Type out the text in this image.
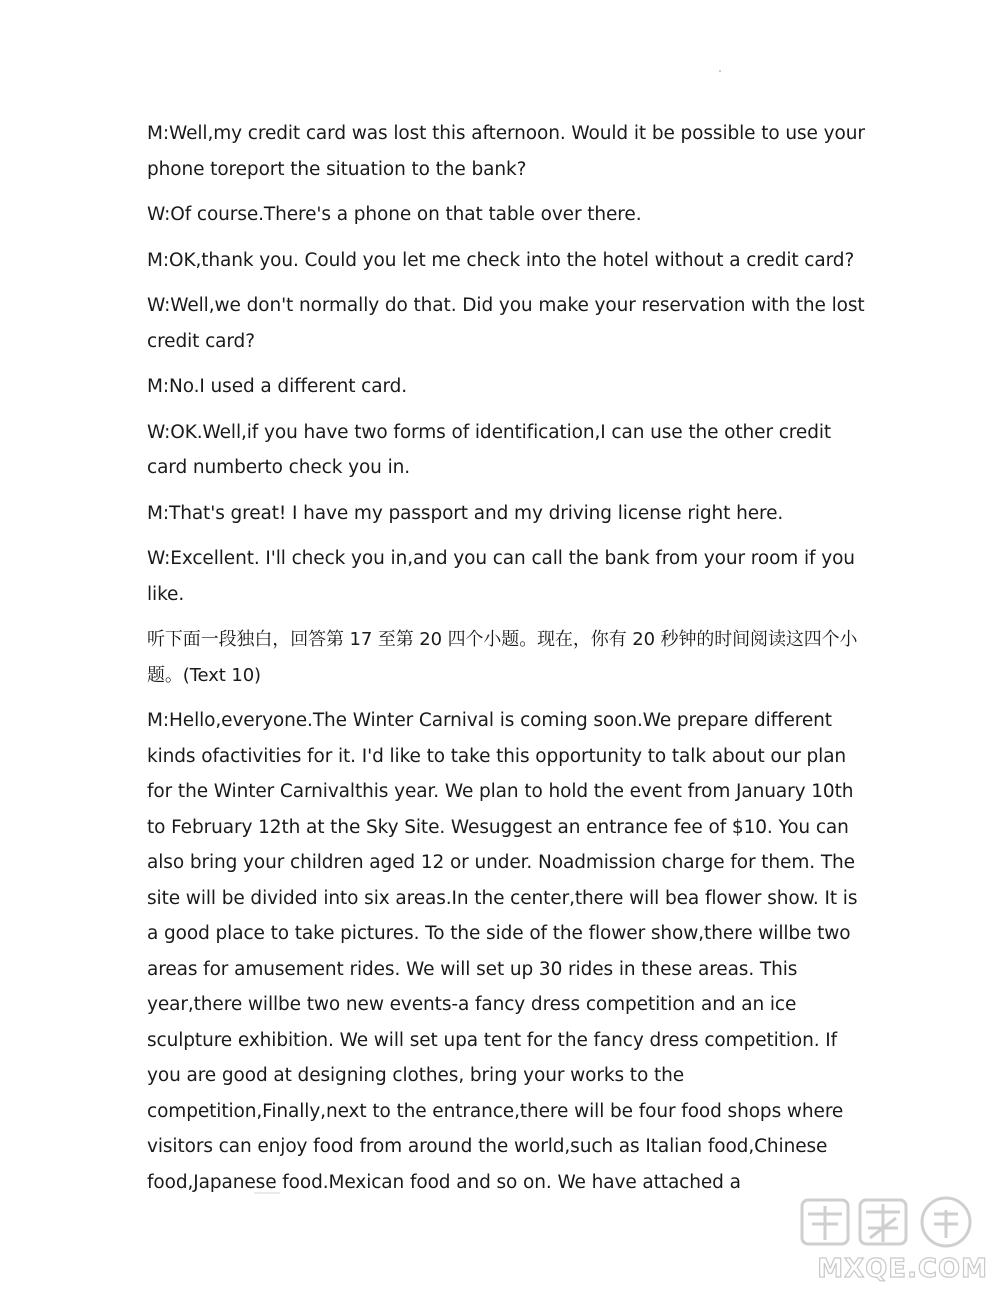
M:Well,my credit card was lost this afternoon. Would it be possible to use your phone toreport the situation to the bank?

W:Of course.There's a phone on that table over there.

M:OK,thank you. Could you let me check into the hotel without a credit card?

W:Well,we don't normally do that. Did you make your reservation with the lost credit card?

M:No.I used a different card.

W:OK.Well,if you have two forms of identification,I can use the other credit card numberto check you in.

M:That's great! I have my passport and my driving license right here.

W:Excellent. I'll check you in,and you can call the bank from your room if you like.

听下面一段独白，回答第 17 至第 20 四个小题。现在，你有 20 秒钟的时间阅读这四个小题。(Text 10)

M:Hello,everyone.The Winter Carnival is coming soon.We prepare different kinds ofactivities for it. I'd like to take this opportunity to talk about our plan for the Winter Carnivalthis year. We plan to hold the event from January 10th to February 12th at the Sky Site. Wesuggest an entrance fee of $10. You can also bring your children aged 12 or under. Noadmission charge for them. The site will be divided into six areas.In the center,there will bea flower show. It is a good place to take pictures. To the side of the flower show,there willbe two areas for amusement rides. We will set up 30 rides in these areas. This year,there willbe two new events-a fancy dress competition and an ice sculpture exhibition. We will set upa tent for the fancy dress competition. If you are good at designing clothes, bring your works to the competition,Finally,next to the entrance,there will be four food shops where visitors can enjoy food from around the world,such as Italian food,Chinese food,Japanese food.Mexican food and so on. We have attached a

MXQE.COM
